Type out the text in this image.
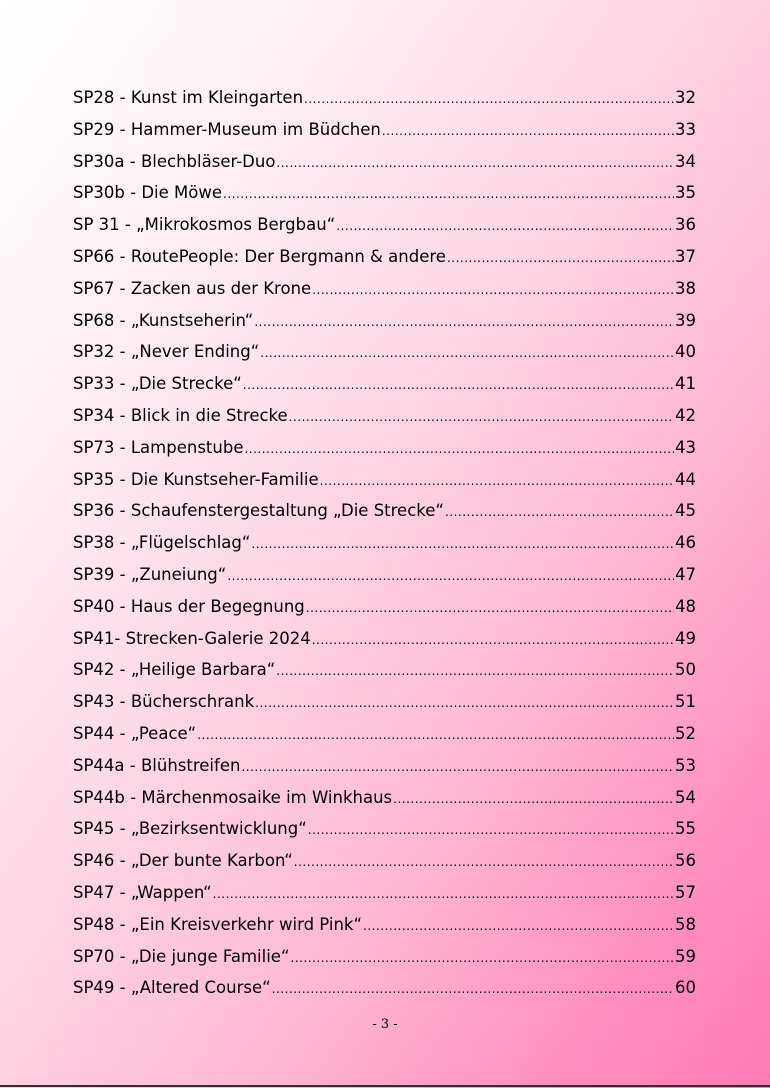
SP28 - Kunst im Kleingarten .....	32
SP29 - Hammer-Museum im Büdchen .....	33
SP30a - Blechbläser-Duo .....	34
SP30b - Die Möwe .....	35
SP 31 - „Mikrokosmos Bergbau“ .....	36
SP66 - RoutePeople: Der Bergmann & andere .....	37
SP67 - Zacken aus der Krone .....	38
SP68 - „Kunstseherin“ .....	39
SP32 - „Never Ending“ .....	40
SP33 - „Die Strecke“ .....	41
SP34 - Blick in die Strecke .....	42
SP73 - Lampenstube .....	43
SP35 - Die Kunstseher-Familie .....	44
SP36 - Schaufenstergestaltung „Die Strecke“ .....	45
SP38 - „Flügelschlag“ .....	46
SP39 - „Zuneiung“ .....	47
SP40 - Haus der Begegnung .....	48
SP41- Strecken-Galerie 2024 .....	49
SP42 - „Heilige Barbara“ .....	50
SP43 - Bücherschrank .....	51
SP44 - „Peace“ .....	52
SP44a - Blühstreifen .....	53
SP44b - Märchenmosaike im Winkhaus .....	54
SP45 - „Bezirksentwicklung“ .....	55
SP46 - „Der bunte Karbon“ .....	56
SP47 - „Wappen“ .....	57
SP48 - „Ein Kreisverkehr wird Pink“ .....	58
SP70 - „Die junge Familie“ .....	59
SP49 - „Altered Course“ .....	60
- 3 -
